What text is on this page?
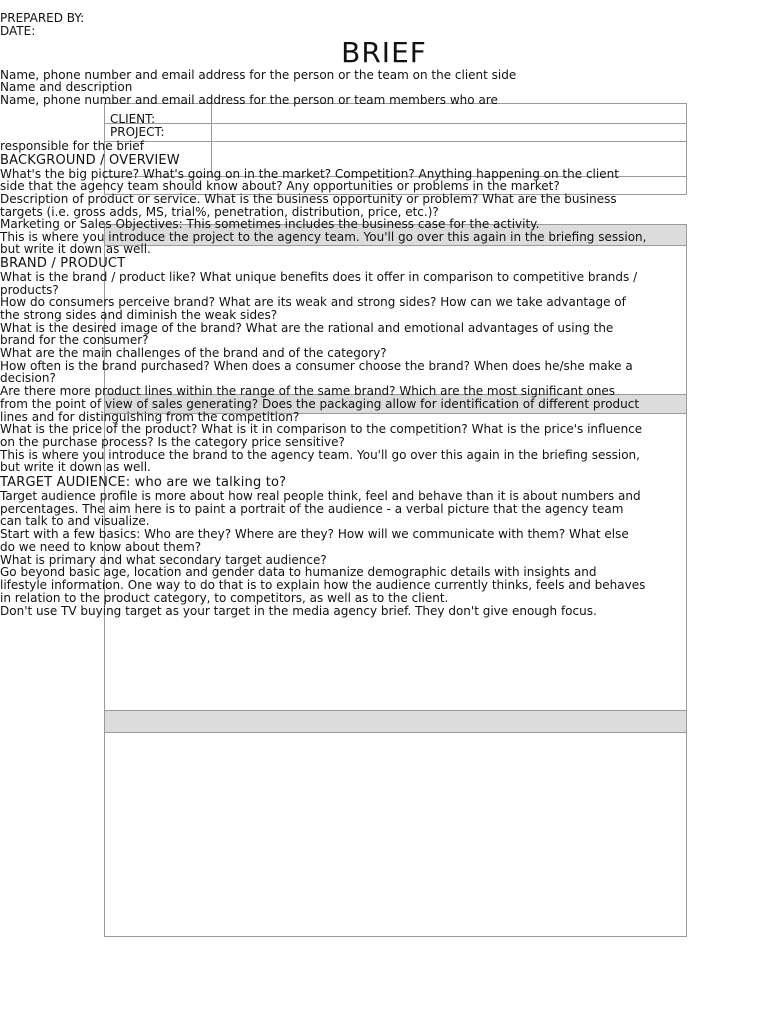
CLIENT:
PROJECT:
PREPARED BY:
DATE:
BRIEF
Name, phone number and email address for the person or the team on the client side
Name and description
Name, phone number and email address for the person or team members who are
responsible for the brief
BACKGROUND / OVERVIEW
What's the big picture? What's going on in the market? Competition? Anything happening on the client
side that the agency team should know about? Any opportunities or problems in the market?
Description of product or service. What is the business opportunity or problem? What are the business
targets (i.e. gross adds, MS, trial%, penetration, distribution, price, etc.)?
Marketing or Sales Objectives: This sometimes includes the business case for the activity.
This is where you introduce the project to the agency team. You'll go over this again in the briefing session,
but write it down as well.
BRAND / PRODUCT
What is the brand / product like? What unique benefits does it offer in comparison to competitive brands /
products?
How do consumers perceive brand? What are its weak and strong sides? How can we take advantage of
the strong sides and diminish the weak sides?
What is the desired image of the brand? What are the rational and emotional advantages of using the
brand for the consumer?
What are the main challenges of the brand and of the category?
How often is the brand purchased? When does a consumer choose the brand? When does he/she make a
decision?
Are there more product lines within the range of the same brand? Which are the most significant ones
from the point of view of sales generating? Does the packaging allow for identification of different product
lines and for distinguishing from the competition?
What is the price of the product? What is it in comparison to the competition? What is the price's influence
on the purchase process? Is the category price sensitive?
This is where you introduce the brand to the agency team. You'll go over this again in the briefing session,
but write it down as well.
TARGET AUDIENCE: who are we talking to?
Target audience profile is more about how real people think, feel and behave than it is about numbers and
percentages. The aim here is to paint a portrait of the audience - a verbal picture that the agency team
can talk to and visualize.
Start with a few basics: Who are they? Where are they? How will we communicate with them? What else
do we need to know about them?
What is primary and what secondary target audience?
Go beyond basic age, location and gender data to humanize demographic details with insights and
lifestyle information. One way to do that is to explain how the audience currently thinks, feels and behaves
in relation to the product category, to competitors, as well as to the client.
Don't use TV buying target as your target in the media agency brief. They don't give enough focus.
